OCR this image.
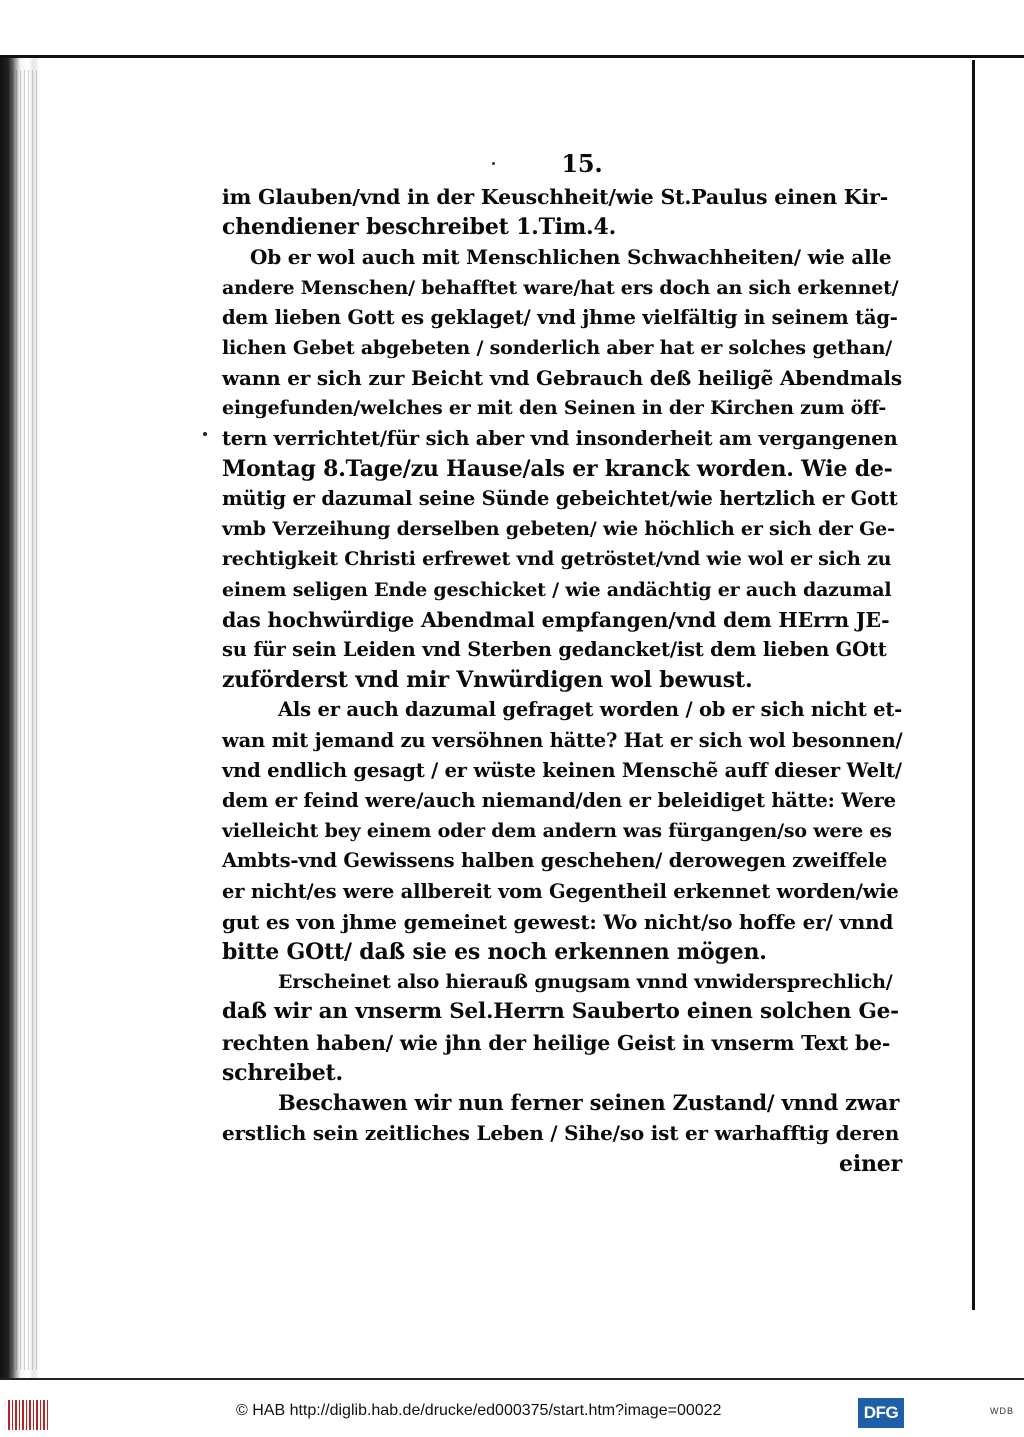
15.
im Glauben/vnd in der Keuschheit/wie St.Paulus einen Kir-
chendiener beschreibet 1.Tim.4.
Ob er wol auch mit Menschlichen Schwachheiten/ wie alle
andere Menschen/ behafftet ware/hat ers doch an sich erkennet/
dem lieben Gott es geklaget/ vnd jhme vielfältig in seinem täg-
lichen Gebet abgebeten / sonderlich aber hat er solches gethan/
wann er sich zur Beicht vnd Gebrauch deß heiligẽ Abendmals
eingefunden/welches er mit den Seinen in der Kirchen zum öff-
tern verrichtet/für sich aber vnd insonderheit am vergangenen
Montag 8.Tage/zu Hause/als er kranck worden. Wie de-
mütig er dazumal seine Sünde gebeichtet/wie hertzlich er Gott
vmb Verzeihung derselben gebeten/ wie höchlich er sich der Ge-
rechtigkeit Christi erfrewet vnd getröstet/vnd wie wol er sich zu
einem seligen Ende geschicket / wie andächtig er auch dazumal
das hochwürdige Abendmal empfangen/vnd dem HErrn JE-
su für sein Leiden vnd Sterben gedancket/ist dem lieben GOtt
zuförderst vnd mir Vnwürdigen wol bewust.
Als er auch dazumal gefraget worden / ob er sich nicht et-
wan mit jemand zu versöhnen hätte? Hat er sich wol besonnen/
vnd endlich gesagt / er wüste keinen Menschẽ auff dieser Welt/
dem er feind were/auch niemand/den er beleidiget hätte: Were
vielleicht bey einem oder dem andern was fürgangen/so were es
Ambts-vnd Gewissens halben geschehen/ derowegen zweiffele
er nicht/es were allbereit vom Gegentheil erkennet worden/wie
gut es von jhme gemeinet gewest: Wo nicht/so hoffe er/ vnnd
bitte GOtt/ daß sie es noch erkennen mögen.
Erscheinet also hierauß gnugsam vnnd vnwidersprechlich/
daß wir an vnserm Sel.Herrn Sauberto einen solchen Ge-
rechten haben/ wie jhn der heilige Geist in vnserm Text be-
schreibet.
Beschawen wir nun ferner seinen Zustand/ vnnd zwar
erstlich sein zeitliches Leben / Sihe/so ist er warhafftig deren
einer
© HAB http://diglib.hab.de/drucke/ed000375/start.htm?image=00022	DFG	WDB
